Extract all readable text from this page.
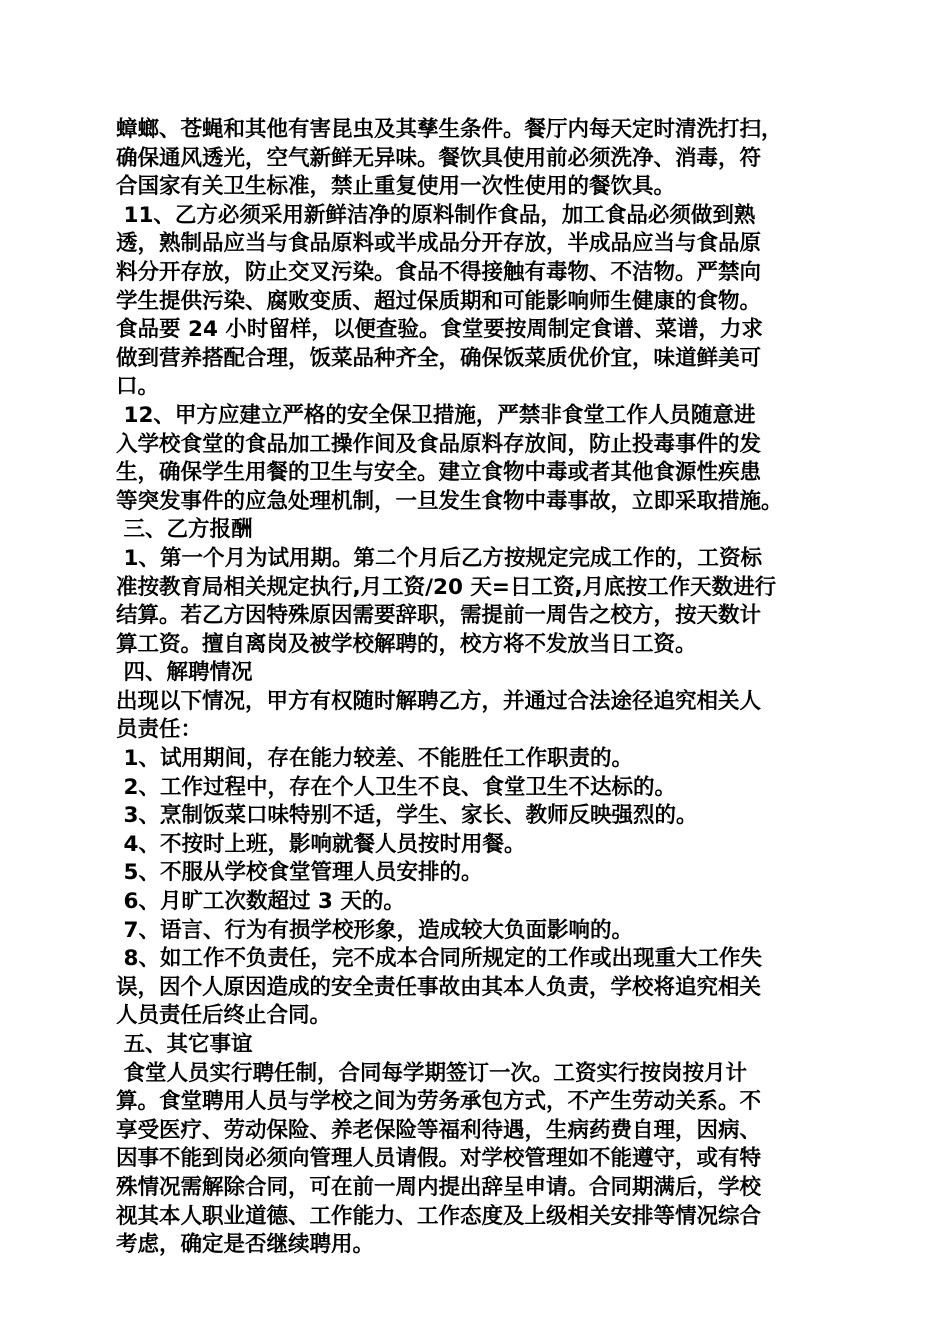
蟑螂、苍蝇和其他有害昆虫及其孳生条件。餐厅内每天定时清洗打扫，
确保通风透光，空气新鲜无异味。餐饮具使用前必须洗净、消毒，符
合国家有关卫生标准，禁止重复使用一次性使用的餐饮具。
11、乙方必须采用新鲜洁净的原料制作食品，加工食品必须做到熟
透，熟制品应当与食品原料或半成品分开存放，半成品应当与食品原
料分开存放，防止交叉污染。食品不得接触有毒物、不洁物。严禁向
学生提供污染、腐败变质、超过保质期和可能影响师生健康的食物。
食品要 24 小时留样，以便查验。食堂要按周制定食谱、菜谱，力求
做到营养搭配合理，饭菜品种齐全，确保饭菜质优价宜，味道鲜美可
口。
12、甲方应建立严格的安全保卫措施，严禁非食堂工作人员随意进
入学校食堂的食品加工操作间及食品原料存放间，防止投毒事件的发
生，确保学生用餐的卫生与安全。建立食物中毒或者其他食源性疾患
等突发事件的应急处理机制，一旦发生食物中毒事故，立即采取措施。
三、乙方报酬
1、第一个月为试用期。第二个月后乙方按规定完成工作的，工资标
准按教育局相关规定执行,月工资/20 天=日工资,月底按工作天数进行
结算。若乙方因特殊原因需要辞职，需提前一周告之校方，按天数计
算工资。擅自离岗及被学校解聘的，校方将不发放当日工资。
四、解聘情况
出现以下情况，甲方有权随时解聘乙方，并通过合法途径追究相关人
员责任：
1、试用期间，存在能力较差、不能胜任工作职责的。
2、工作过程中，存在个人卫生不良、食堂卫生不达标的。
3、烹制饭菜口味特别不适，学生、家长、教师反映强烈的。
4、不按时上班，影响就餐人员按时用餐。
5、不服从学校食堂管理人员安排的。
6、月旷工次数超过 3 天的。
7、语言、行为有损学校形象，造成较大负面影响的。
8、如工作不负责任，完不成本合同所规定的工作或出现重大工作失
误，因个人原因造成的安全责任事故由其本人负责，学校将追究相关
人员责任后终止合同。
五、其它事谊
食堂人员实行聘任制，合同每学期签订一次。工资实行按岗按月计
算。食堂聘用人员与学校之间为劳务承包方式，不产生劳动关系。不
享受医疗、劳动保险、养老保险等福利待遇，生病药费自理，因病、
因事不能到岗必须向管理人员请假。对学校管理如不能遵守，或有特
殊情况需解除合同，可在前一周内提出辞呈申请。合同期满后，学校
视其本人职业道德、工作能力、工作态度及上级相关安排等情况综合
考虑，确定是否继续聘用。
